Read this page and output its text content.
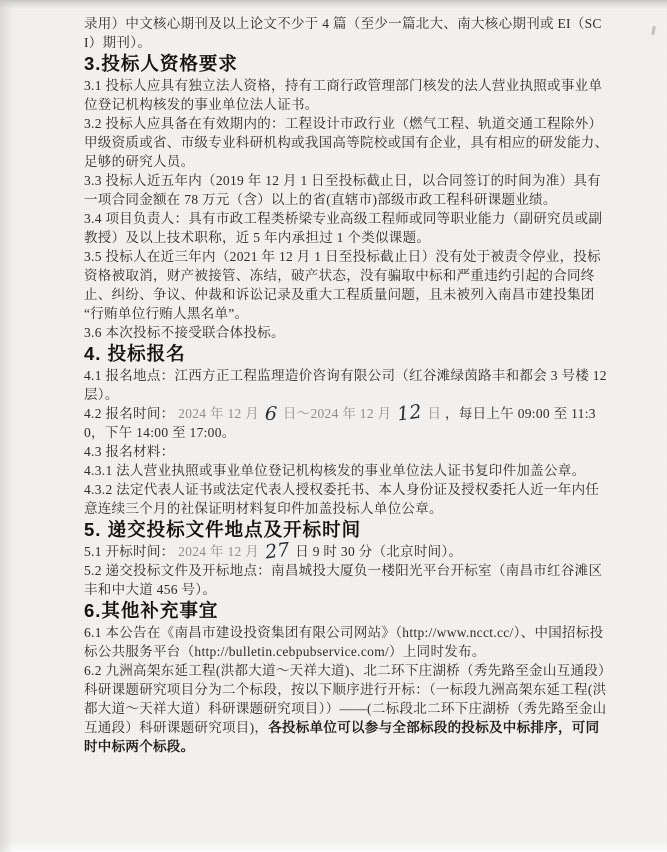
录用）中文核心期刊及以上论文不少于 4 篇（至少一篇北大、南大核心期刊或 EI（SCI）期刊）。

3.投标人资格要求

3.1 投标人应具有独立法人资格，持有工商行政管理部门核发的法人营业执照或事业单位登记机构核发的事业单位法人证书。

3.2 投标人应具备在有效期内的：工程设计市政行业（燃气工程、轨道交通工程除外）甲级资质或省、市级专业科研机构或我国高等院校或国有企业，具有相应的研发能力、足够的研究人员。

3.3 投标人近五年内（2019 年 12 月 1 日至投标截止日，以合同签订的时间为准）具有一项合同金额在 78 万元（含）以上的省(直辖市)部级市政工程科研课题业绩。

3.4 项目负责人：具有市政工程类桥梁专业高级工程师或同等职业能力（副研究员或副教授）及以上技术职称，近 5 年内承担过 1 个类似课题。

3.5 投标人在近三年内（2021 年 12 月 1 日至投标截止日）没有处于被责令停业，投标资格被取消，财产被接管、冻结，破产状态，没有骗取中标和严重违约引起的合同终止、纠纷、争议、仲裁和诉讼记录及重大工程质量问题，且未被列入南昌市建投集团“行贿单位行贿人黑名单”。

3.6 本次投标不接受联合体投标。

4. 投标报名

4.1 报名地点：江西方正工程监理造价咨询有限公司（红谷滩绿茵路丰和都会 3 号楼 12 层）。

4.2 报名时间： 2024 年 12 月 6 日～2024 年 12 月 12 日 ，每日上午 09:00 至 11:30，下午 14:00 至 17:00。

4.3 报名材料：

4.3.1 法人营业执照或事业单位登记机构核发的事业单位法人证书复印件加盖公章。

4.3.2 法定代表人证书或法定代表人授权委托书、本人身份证及授权委托人近一年内任意连续三个月的社保证明材料复印件加盖投标人单位公章。

5. 递交投标文件地点及开标时间

5.1 开标时间： 2024 年 12 月 27 日 9 时 30 分（北京时间）。

5.2 递交投标文件及开标地点：南昌城投大厦负一楼阳光平台开标室（南昌市红谷滩区丰和中大道 456 号）。

6.其他补充事宜

6.1 本公告在《南昌市建设投资集团有限公司网站》（http://www.ncct.cc/）、中国招标投标公共服务平台（http://bulletin.cebpubservice.com/）上同时发布。

6.2 九洲高架东延工程(洪都大道～天祥大道)、北二环下庄湖桥（秀先路至金山互通段）科研课题研究项目分为二个标段，按以下顺序进行开标：（一标段九洲高架东延工程(洪都大道～天祥大道）科研课题研究项目））——(二标段北二环下庄湖桥（秀先路至金山互通段）科研课题研究项目)，各投标单位可以参与全部标段的投标及中标排序，可同时中标两个标段。
